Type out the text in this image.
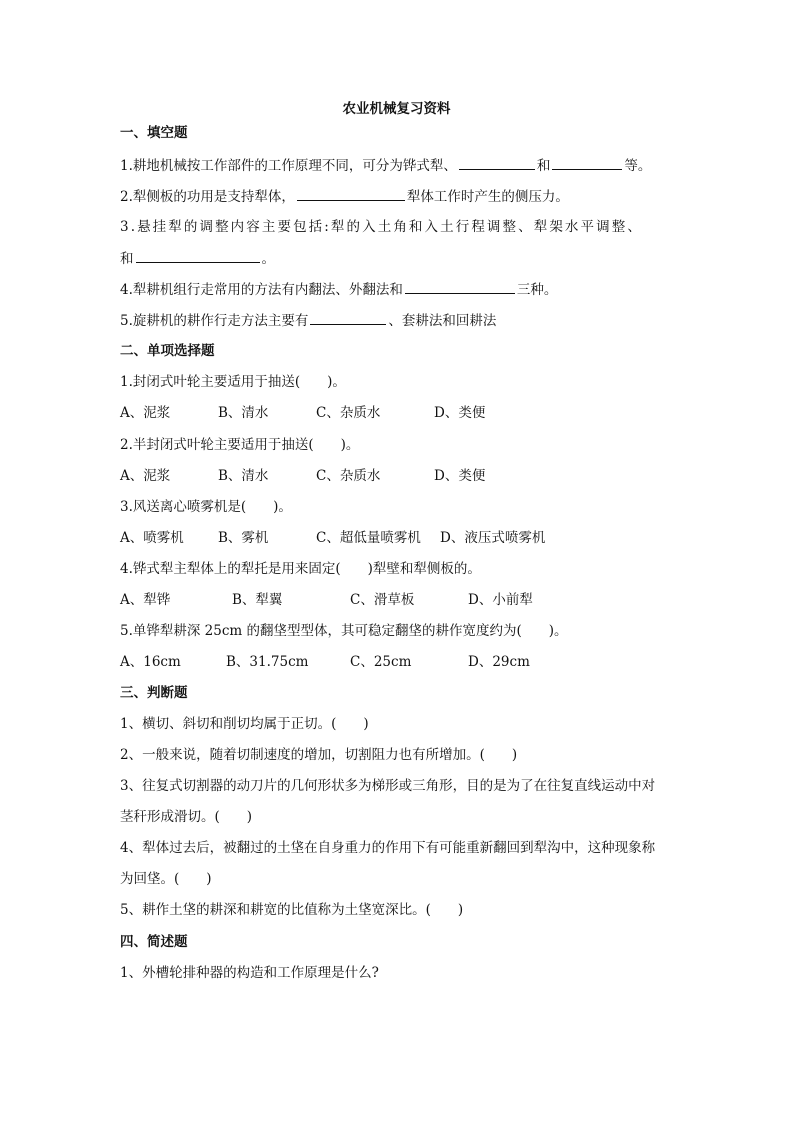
农业机械复习资料
一、填空题
1.耕地机械按工作部件的工作原理不同，可分为铧式犁、	和	等。
2.犁侧板的功用是支持犁体，	犁体工作时产生的侧压力。
3.悬挂犁的调整内容主要包括:犁的入土角和入土行程调整、犁架水平调整、
和	。
4.犁耕机组行走常用的方法有内翻法、外翻法和	三种。
5.旋耕机的耕作行走方法主要有	、套耕法和回耕法
二、单项选择题
1.封闭式叶轮主要适用于抽送(　　)。
A、泥浆	B、清水	C、杂质水	D、类便
2.半封闭式叶轮主要适用于抽送(　　)。
A、泥浆	B、清水	C、杂质水	D、类便
3.风送离心喷雾机是(　　)。
A、喷雾机	B、雾机	C、超低量喷雾机 D、液压式喷雾机
4.铧式犁主犁体上的犁托是用来固定(　　)犁壁和犁侧板的。
A、犁铧	B、犁翼	C、滑草板	D、小前犁
5.单铧犁耕深 25cm 的翻垡型型体，其可稳定翻垡的耕作宽度约为(　　)。
A、16cm	B、31.75cm	C、25cm	D、29cm
三、判断题
1、横切、斜切和削切均属于正切。(　　)
2、一般来说，随着切制速度的增加，切割阻力也有所增加。(　　)
3、往复式切割器的动刀片的几何形状多为梯形或三角形，目的是为了在往复直线运动中对
茎秆形成滑切。(　　)
4、犁体过去后，被翻过的土垡在自身重力的作用下有可能重新翻回到犁沟中，这种现象称
为回垡。(　　)
5、耕作土垡的耕深和耕宽的比值称为土垡宽深比。(　　)
四、简述题
1、外槽轮排种器的构造和工作原理是什么?
